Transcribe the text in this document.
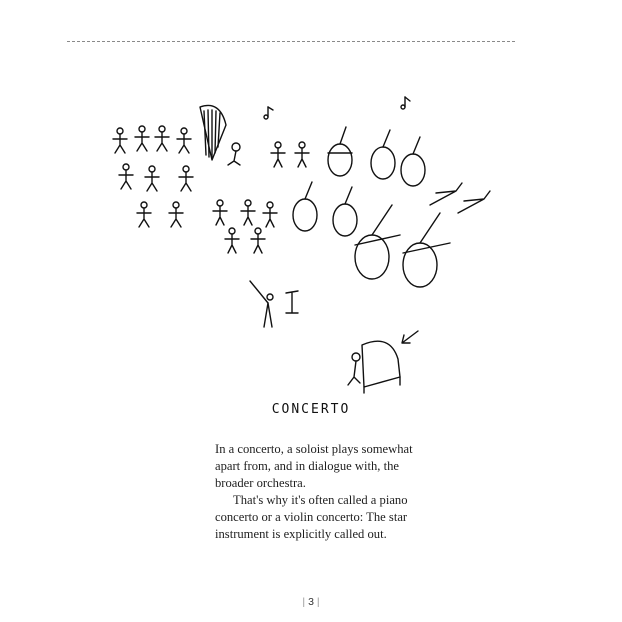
CONCERTO

In a concerto, a soloist plays somewhat apart from, and in dialogue with, the broader orchestra.

That's why it's often called a piano concerto or a violin concerto: The star instrument is explicitly called out.

| 3 |
